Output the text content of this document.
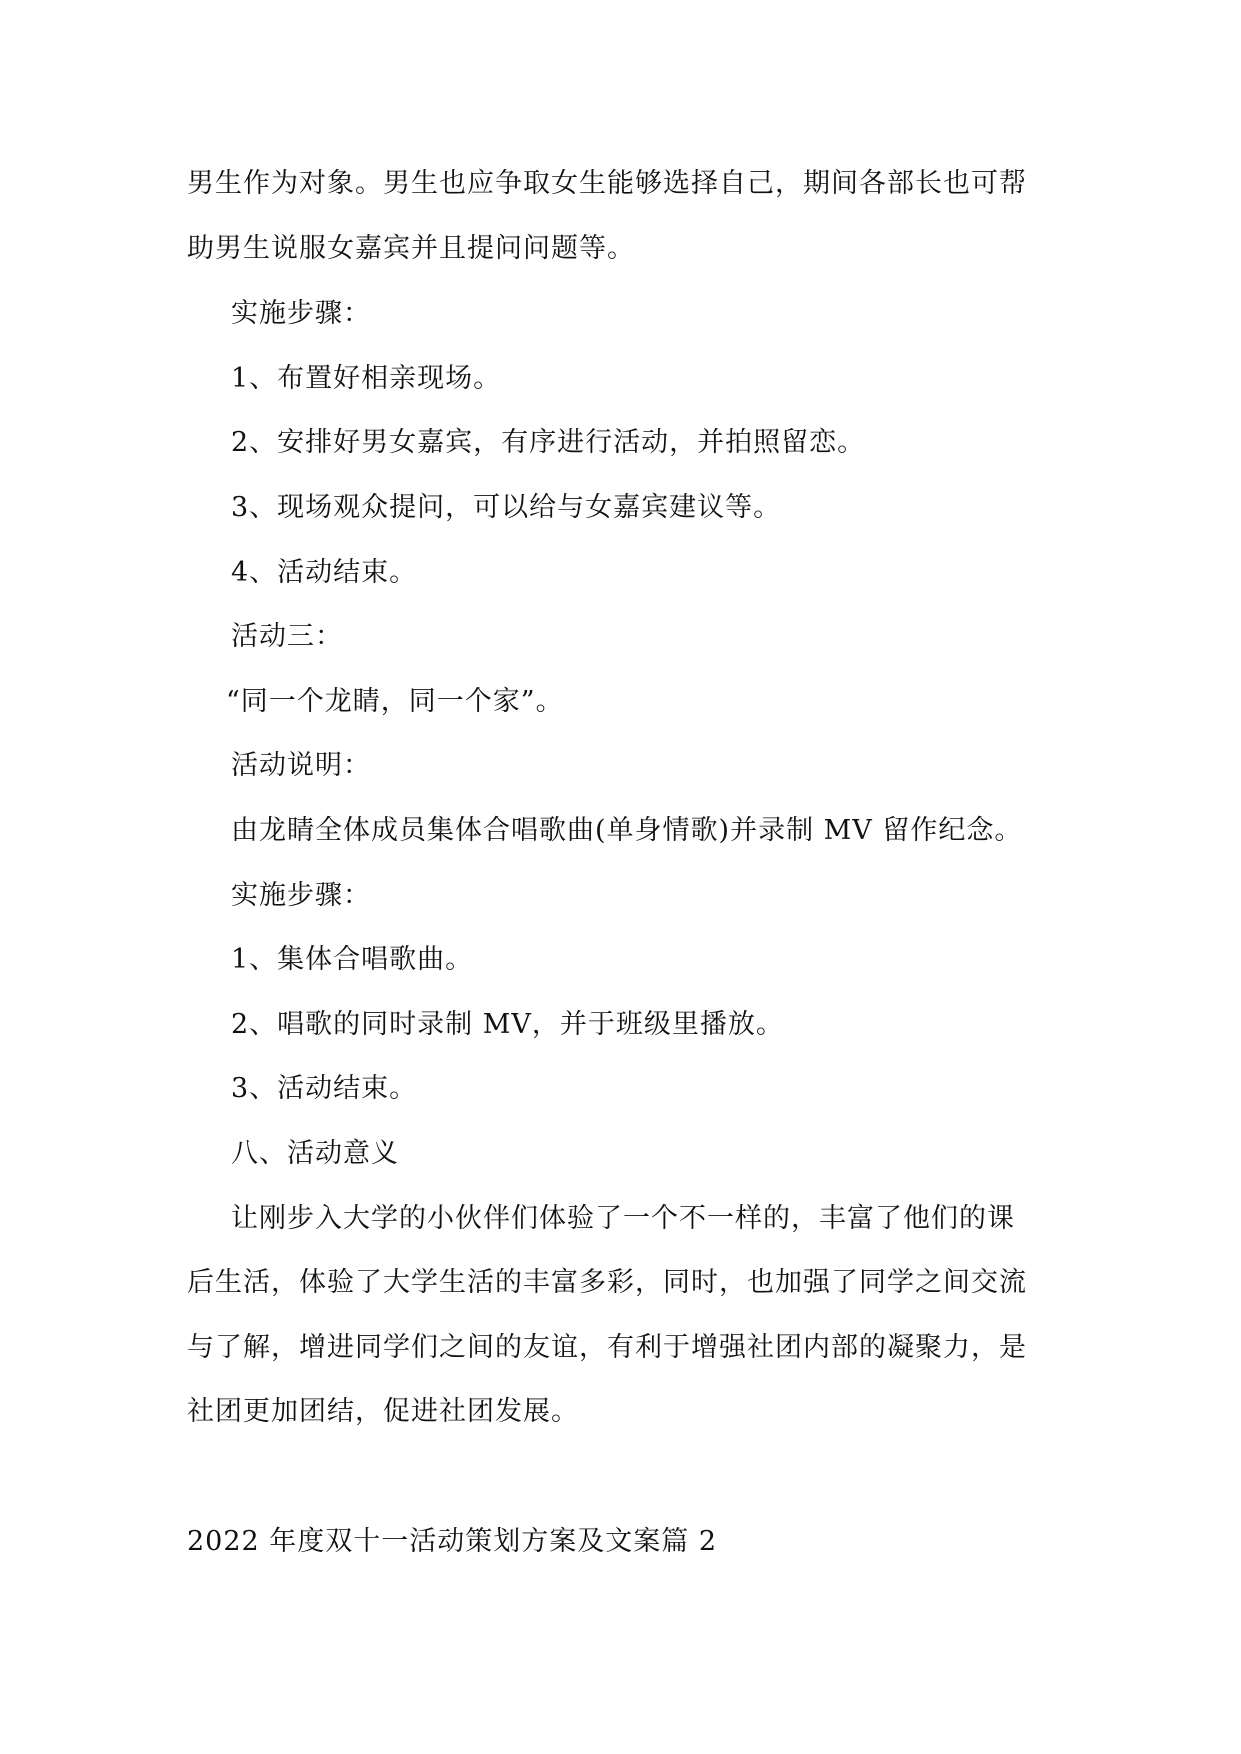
男生作为对象。男生也应争取女生能够选择自己，期间各部长也可帮
助男生说服女嘉宾并且提问问题等。
实施步骤：
1、布置好相亲现场。
2、安排好男女嘉宾，有序进行活动，并拍照留恋。
3、现场观众提问，可以给与女嘉宾建议等。
4、活动结束。
活动三：
“同一个龙睛，同一个家”。
活动说明：
由龙睛全体成员集体合唱歌曲(单身情歌)并录制 MV 留作纪念。
实施步骤：
1、集体合唱歌曲。
2、唱歌的同时录制 MV，并于班级里播放。
3、活动结束。
八、活动意义
让刚步入大学的小伙伴们体验了一个不一样的，丰富了他们的课
后生活，体验了大学生活的丰富多彩，同时，也加强了同学之间交流
与了解，增进同学们之间的友谊，有利于增强社团内部的凝聚力，是
社团更加团结，促进社团发展。
2022 年度双十一活动策划方案及文案篇 2
